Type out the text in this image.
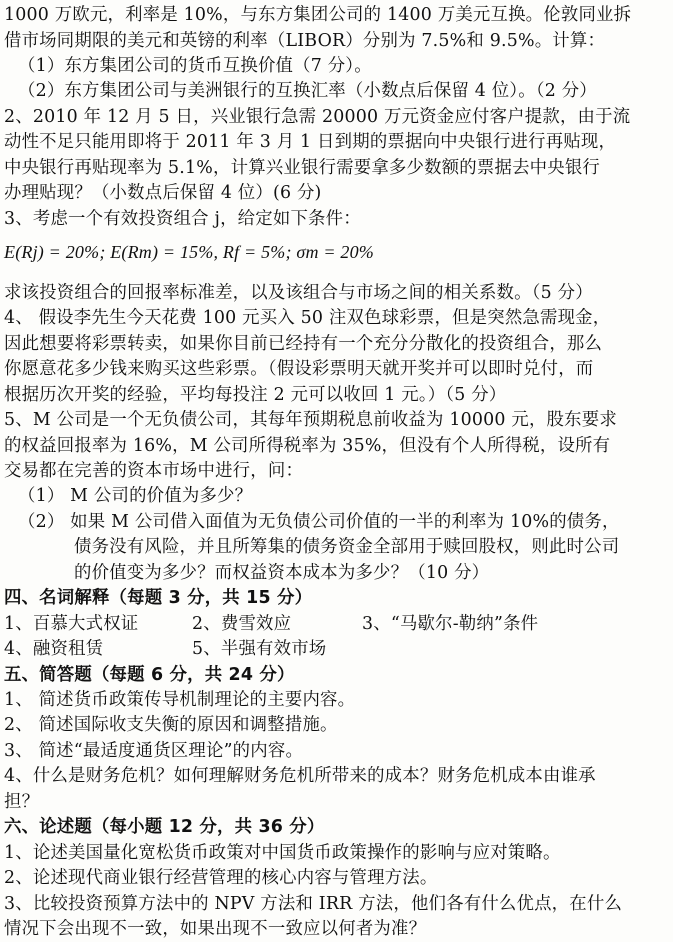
1000 万欧元，利率是 10%，与东方集团公司的 1400 万美元互换。伦敦同业拆
借市场同期限的美元和英镑的利率（LIBOR）分别为 7.5%和 9.5%。计算：
（1）东方集团公司的货币互换价值（7 分）。
（2）东方集团公司与美洲银行的互换汇率（小数点后保留 4 位）。（2 分）
2、2010 年 12 月 5 日，兴业银行急需 20000 万元资金应付客户提款，由于流
动性不足只能用即将于 2011 年 3 月 1 日到期的票据向中央银行进行再贴现，
中央银行再贴现率为 5.1%，计算兴业银行需要拿多少数额的票据去中央银行
办理贴现？（小数点后保留 4 位）(6 分)
3、考虑一个有效投资组合 j，给定如下条件：
E(Rj) = 20%; E(Rm) = 15%, Rf = 5%; σm = 20%
求该投资组合的回报率标准差，以及该组合与市场之间的相关系数。（5 分）
4、 假设李先生今天花费 100 元买入 50 注双色球彩票，但是突然急需现金，
因此想要将彩票转卖，如果你目前已经持有一个充分分散化的投资组合，那么
你愿意花多少钱来购买这些彩票。（假设彩票明天就开奖并可以即时兑付，而
根据历次开奖的经验，平均每投注 2 元可以收回 1 元。）（5 分）
5、M 公司是一个无负债公司，其每年预期税息前收益为 10000 元，股东要求
的权益回报率为 16%，M 公司所得税率为 35%，但没有个人所得税，设所有
交易都在完善的资本市场中进行，问：
（1） M 公司的价值为多少？
（2） 如果 M 公司借入面值为无负债公司价值的一半的利率为 10%的债务，
债务没有风险，并且所筹集的债务资金全部用于赎回股权，则此时公司
的价值变为多少？而权益资本成本为多少？（10 分）
四、名词解释（每题 3 分，共 15 分）
1、百慕大式权证	2、费雪效应	3、“马歇尔-勒纳”条件
4、融资租赁	5、半强有效市场
五、简答题（每题 6 分，共 24 分）
1、 简述货币政策传导机制理论的主要内容。
2、 简述国际收支失衡的原因和调整措施。
3、 简述“最适度通货区理论”的内容。
4、什么是财务危机？如何理解财务危机所带来的成本？财务危机成本由谁承
担？
六、论述题（每小题 12 分，共 36 分）
1、论述美国量化宽松货币政策对中国货币政策操作的影响与应对策略。
2、论述现代商业银行经营管理的核心内容与管理方法。
3、比较投资预算方法中的 NPV 方法和 IRR 方法，他们各有什么优点，在什么
情况下会出现不一致，如果出现不一致应以何者为准？
